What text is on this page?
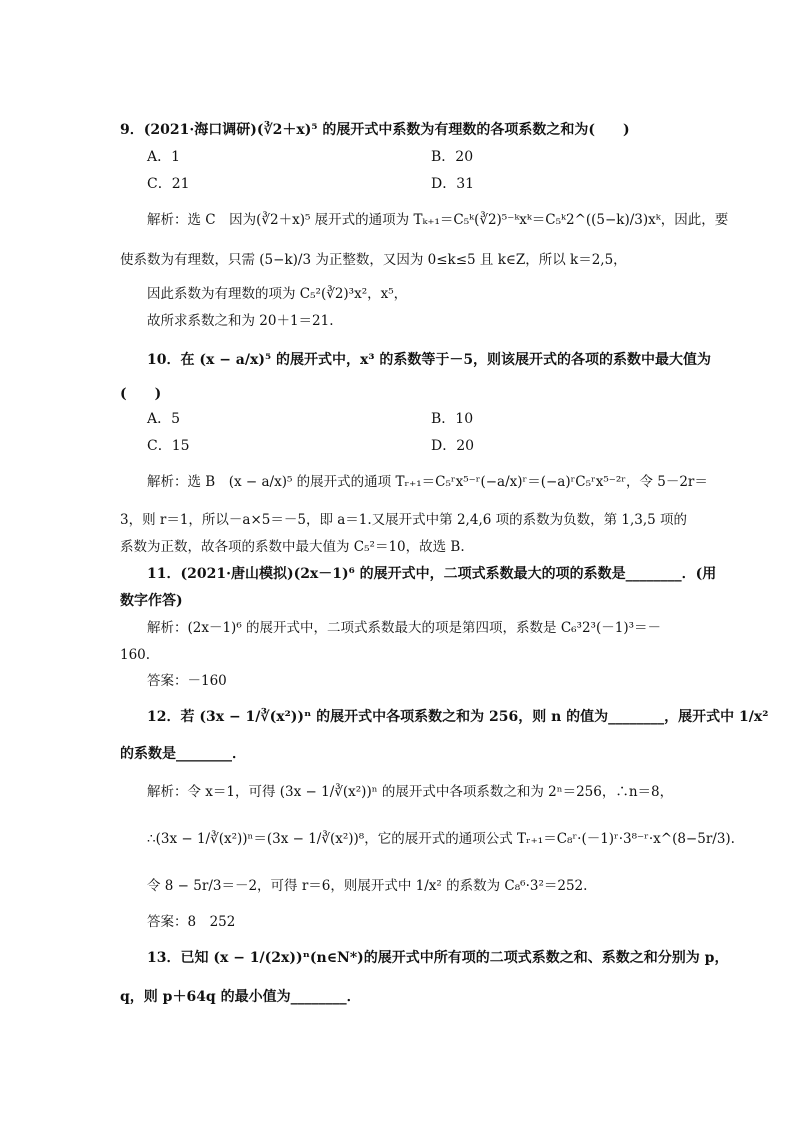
9．(2021·海口调研)(∛2＋x)⁵ 的展开式中系数为有理数的各项系数之和为(　　)
A．1	B．20
C．21	D．31
解析：选 C　因为(∛2＋x)⁵ 展开式的通项为 Tₖ₊₁＝C₅ᵏ(∛2)⁵⁻ᵏxᵏ＝C₅ᵏ2^((5−k)/3)xᵏ，因此，要
使系数为有理数，只需 (5−k)/3 为正整数，又因为 0≤k≤5 且 k∈Z，所以 k＝2,5，
因此系数为有理数的项为 C₅²(∛2)³x²，x⁵，
故所求系数之和为 20＋1＝21.
10．在 (x − a/x)⁵ 的展开式中，x³ 的系数等于－5，则该展开式的各项的系数中最大值为
(　　)
A．5	B．10
C．15	D．20
解析：选 B　(x − a/x)⁵ 的展开式的通项 Tᵣ₊₁＝C₅ʳx⁵⁻ʳ(−a/x)ʳ＝(−a)ʳC₅ʳx⁵⁻²ʳ，令 5－2r＝
3，则 r＝1，所以－a×5＝－5，即 a＝1.又展开式中第 2,4,6 项的系数为负数，第 1,3,5 项的
系数为正数，故各项的系数中最大值为 C₅²＝10，故选 B.
11．(2021·唐山模拟)(2x－1)⁶ 的展开式中，二项式系数最大的项的系数是________．(用
数字作答)
解析：(2x－1)⁶ 的展开式中，二项式系数最大的项是第四项，系数是 C₆³2³(－1)³＝－
160.
答案：－160
12．若 (3x − 1/∛(x²))ⁿ 的展开式中各项系数之和为 256，则 n 的值为________，展开式中 1/x²
的系数是________．
解析：令 x＝1，可得 (3x − 1/∛(x²))ⁿ 的展开式中各项系数之和为 2ⁿ＝256，∴n＝8，
∴(3x − 1/∛(x²))ⁿ＝(3x − 1/∛(x²))⁸，它的展开式的通项公式 Tᵣ₊₁＝C₈ʳ·(－1)ʳ·3⁸⁻ʳ·x^(8−5r/3).
令 8 − 5r/3＝－2，可得 r＝6，则展开式中 1/x² 的系数为 C₈⁶·3²＝252.
答案：8　252
13．已知 (x − 1/(2x))ⁿ(n∈N*)的展开式中所有项的二项式系数之和、系数之和分别为 p，
q，则 p＋64q 的最小值为________．
